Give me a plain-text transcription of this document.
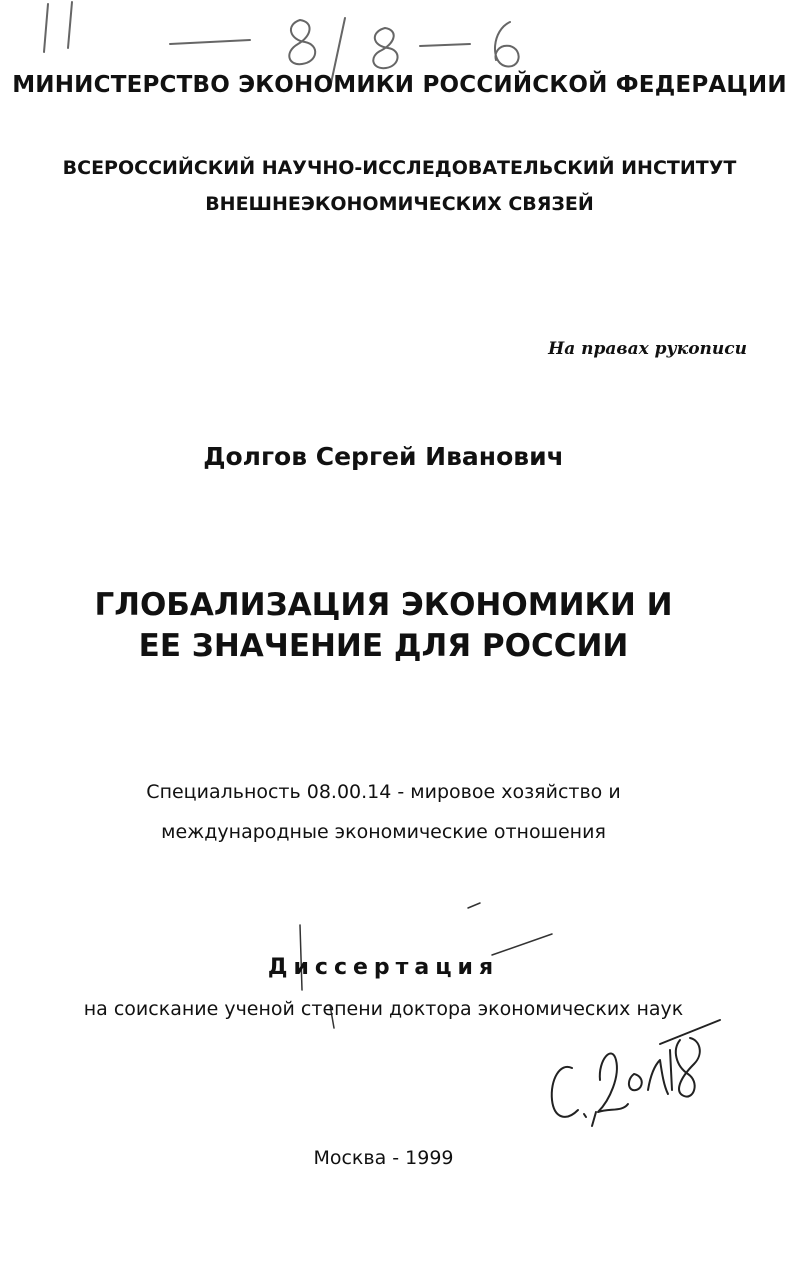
МИНИСТЕРСТВО ЭКОНОМИКИ РОССИЙСКОЙ ФЕДЕРАЦИИ
ВСЕРОССИЙСКИЙ НАУЧНО-ИССЛЕДОВАТЕЛЬСКИЙ ИНСТИТУТ
ВНЕШНЕЭКОНОМИЧЕСКИХ СВЯЗЕЙ
На правах рукописи
Долгов Сергей Иванович
ГЛОБАЛИЗАЦИЯ ЭКОНОМИКИ И
ЕЕ ЗНАЧЕНИЕ ДЛЯ РОССИИ
Специальность 08.00.14 - мировое хозяйство и
международные экономические отношения
Диссертация
на соискание ученой степени доктора экономических наук
Москва - 1999
